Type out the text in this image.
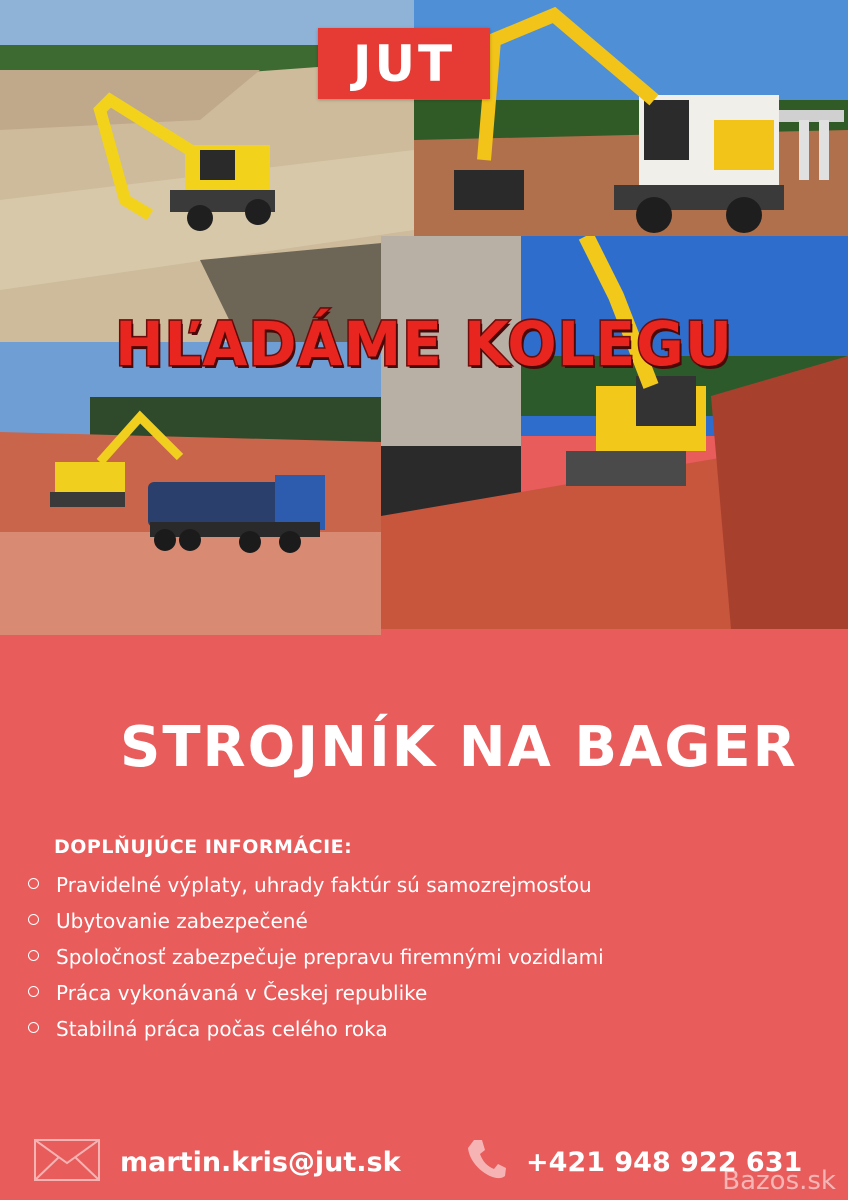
JUT
HĽADÁME KOLEGU
STROJNÍK NA BAGER
DOPLŇUJÚCE INFORMÁCIE:
Pravidelné výplaty, uhrady faktúr sú samozrejmosťou
Ubytovanie zabezpečené
Spoločnosť zabezpečuje prepravu firemnými vozidlami
Práca vykonávaná v Českej republike
Stabilná práca počas celého roka
martin.kris@jut.sk	+421 948 922 631
Bazos.sk
